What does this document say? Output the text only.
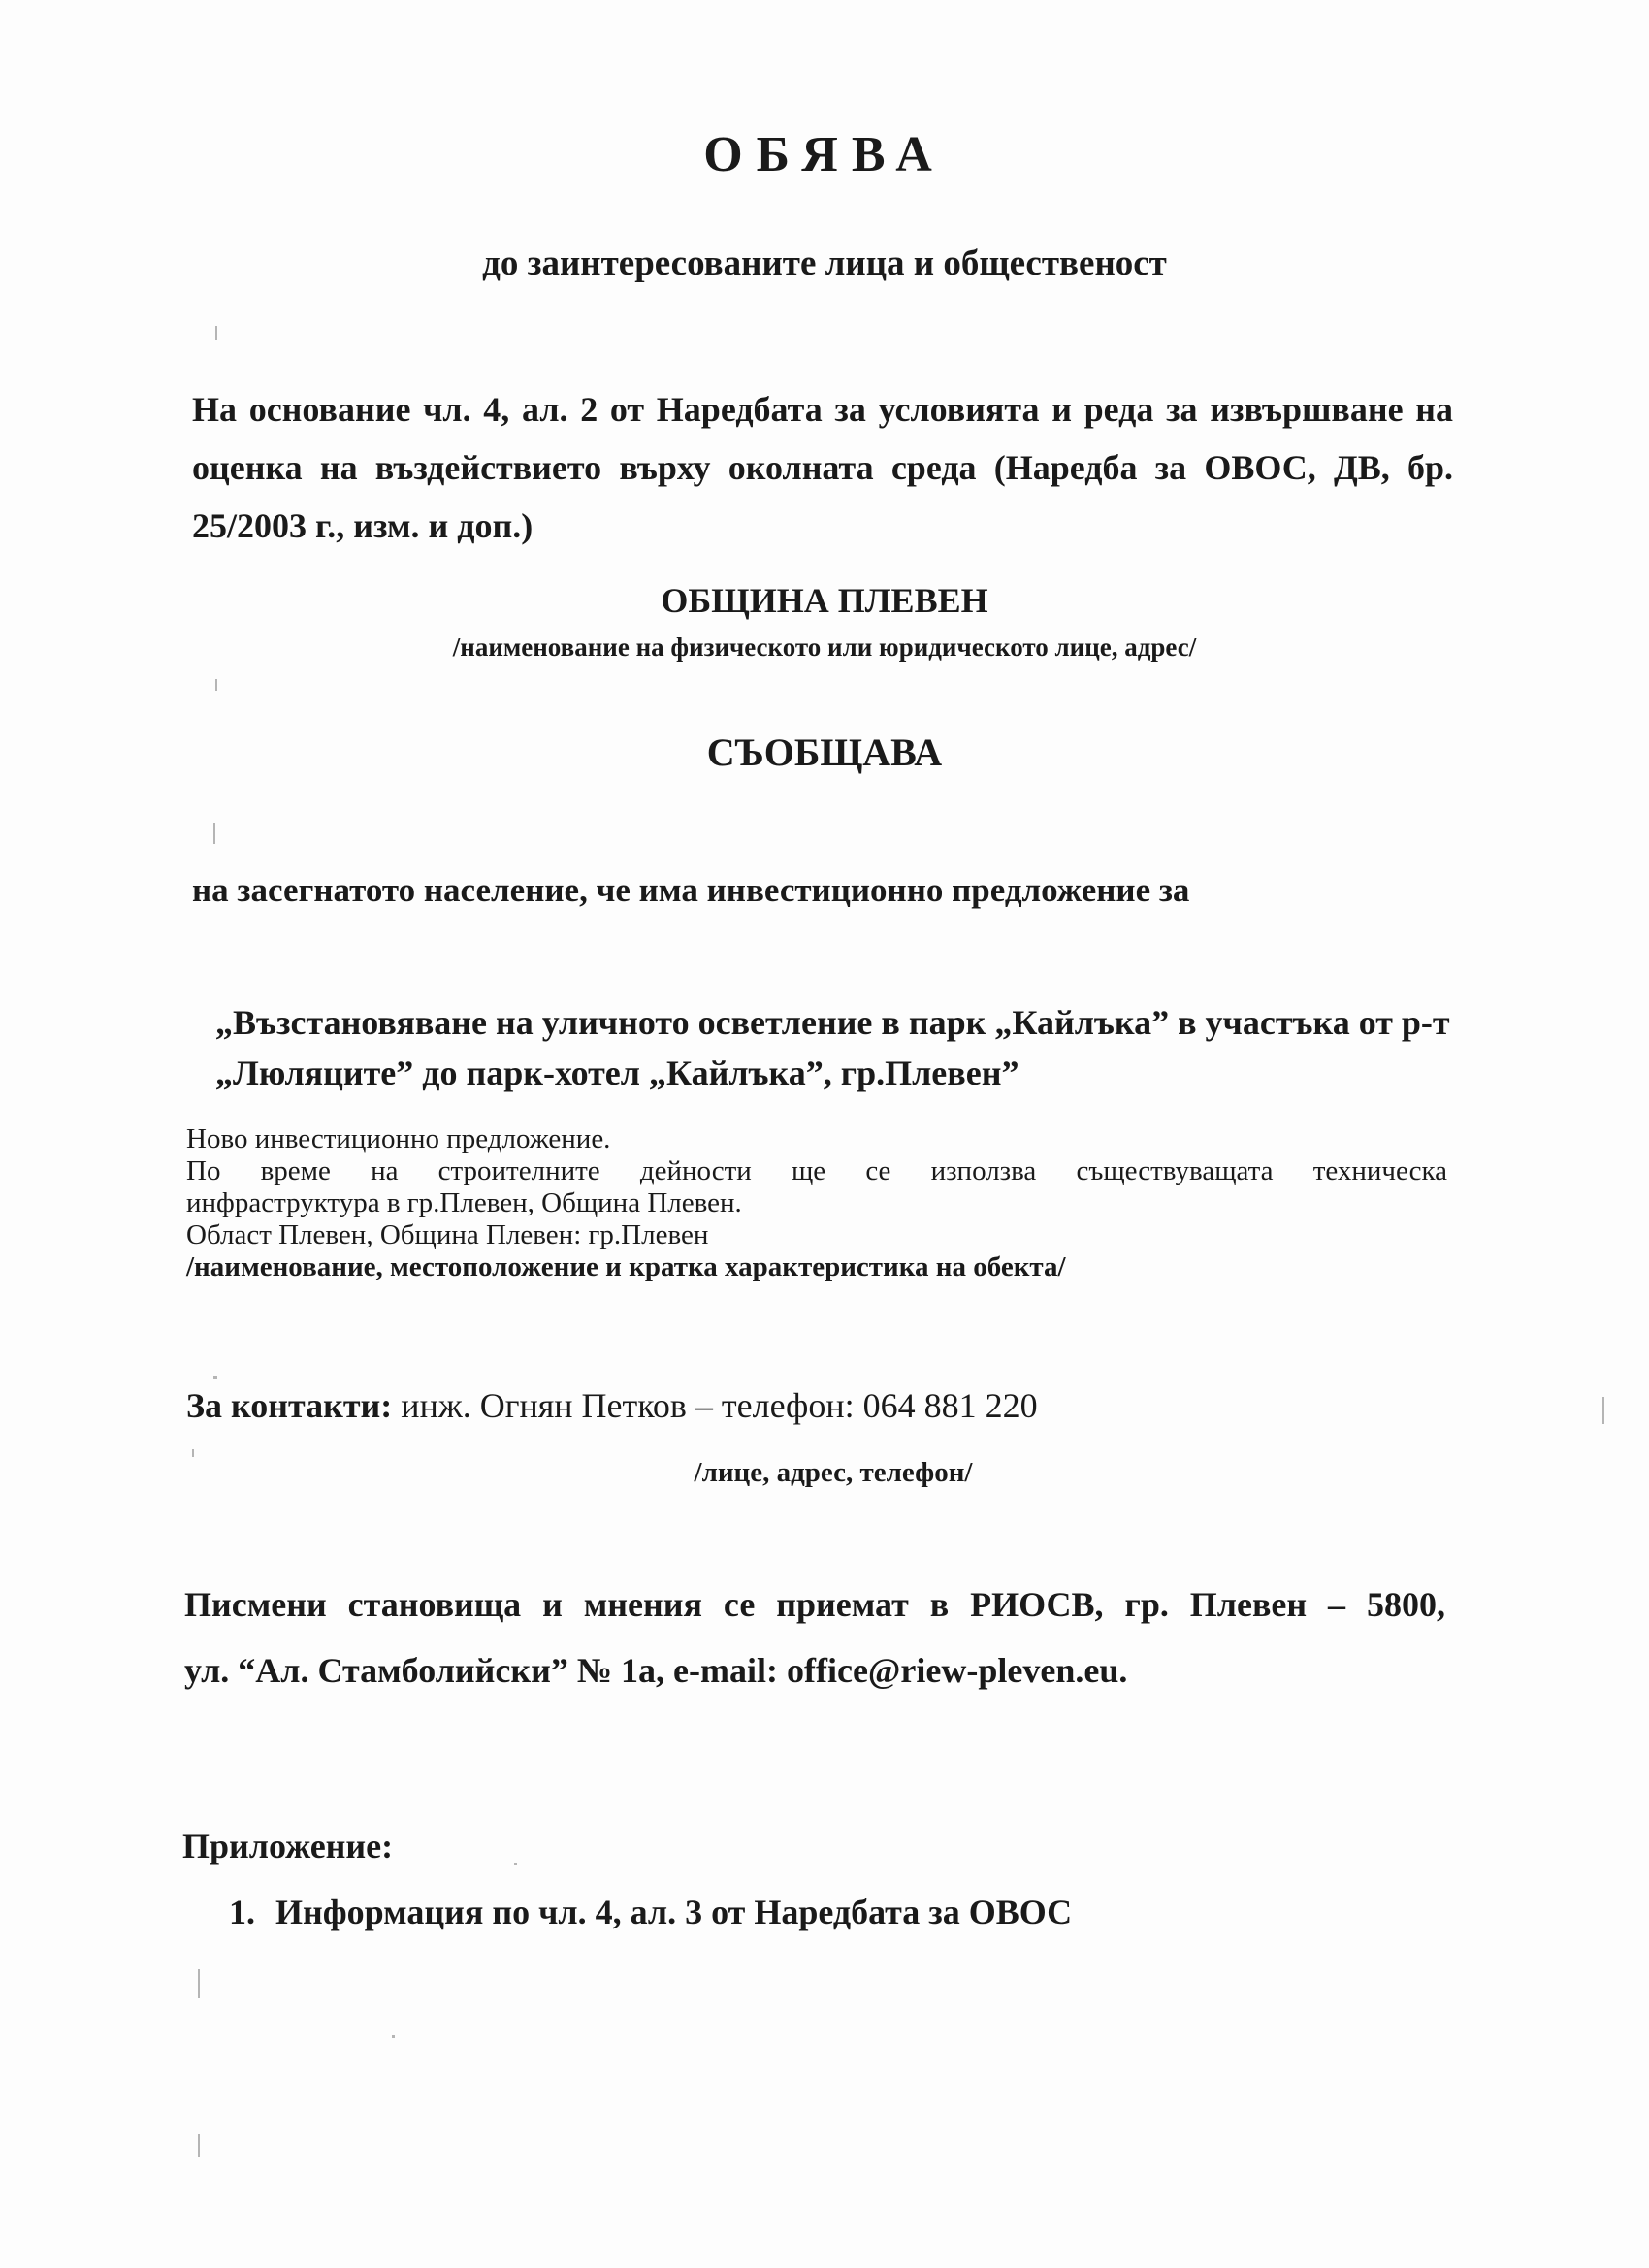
ОБЯВА
до заинтересованите лица и общественост
На основание чл. 4, ал. 2 от Наредбата за условията и реда за извършване на оценка на въздействието върху околната среда (Наредба за ОВОС, ДВ, бр. 25/2003 г., изм. и доп.)
ОБЩИНА ПЛЕВЕН
/наименование на физическото или юридическото лице, адрес/
СЪОБЩАВА
на засегнатото население, че има инвестиционно предложение за
„Възстановяване на уличното осветление в парк „Кайлъка” в участъка от р-т „Люляците” до парк-хотел „Кайлъка”, гр.Плевен”
Ново инвестиционно предложение.
По време на строителните дейности ще се използва съществуващата техническа
инфраструктура в гр.Плевен, Община Плевен.
Област Плевен, Община Плевен: гр.Плевен
/наименование, местоположение и кратка характеристика на обекта/
За контакти: инж. Огнян Петков – телефон: 064 881 220
/лице, адрес, телефон/
Писмени становища и мнения се приемат в РИОСВ, гр. Плевен – 5800,
ул. “Ал. Стамболийски” № 1а, e-mail: office@riew-pleven.eu.
Приложение:
1. Информация по чл. 4, ал. 3 от Наредбата за ОВОС
